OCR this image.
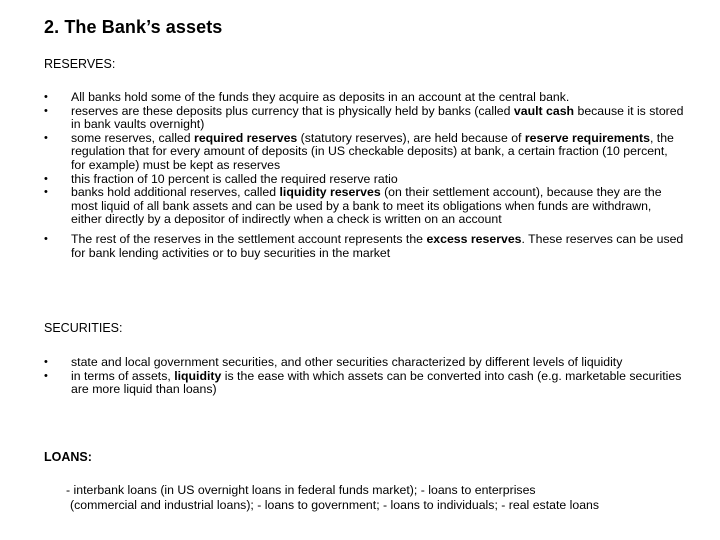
2. The Bank’s assets
RESERVES:
• All banks hold some of the funds they acquire as deposits in an account at the central bank.
• reserves are these deposits plus currency that is physically held by banks (called vault cash because it is stored in bank vaults overnight)
• some reserves, called required reserves (statutory reserves), are held because of reserve requirements, the regulation that for every amount of deposits (in US checkable deposits) at bank, a certain fraction (10 percent, for example) must be kept as reserves
• this fraction of 10 percent is called the required reserve ratio
• banks hold additional reserves, called liquidity reserves (on their settlement account), because they are the most liquid of all bank assets and can be used by a bank to meet its obligations when funds are withdrawn, either directly by a depositor of indirectly when a check is written on an account
• The rest of the reserves in the settlement account represents the excess reserves. These reserves can be used for bank lending activities or to buy securities in the market
SECURITIES:
• state and local government securities, and other securities characterized by different levels of liquidity
• in terms of assets, liquidity is the ease with which assets can be converted into cash (e.g. marketable securities are more liquid than loans)
LOANS:
- interbank loans (in US overnight loans in federal funds market); - loans to enterprises
(commercial and industrial loans); - loans to government; - loans to individuals; - real estate loans
